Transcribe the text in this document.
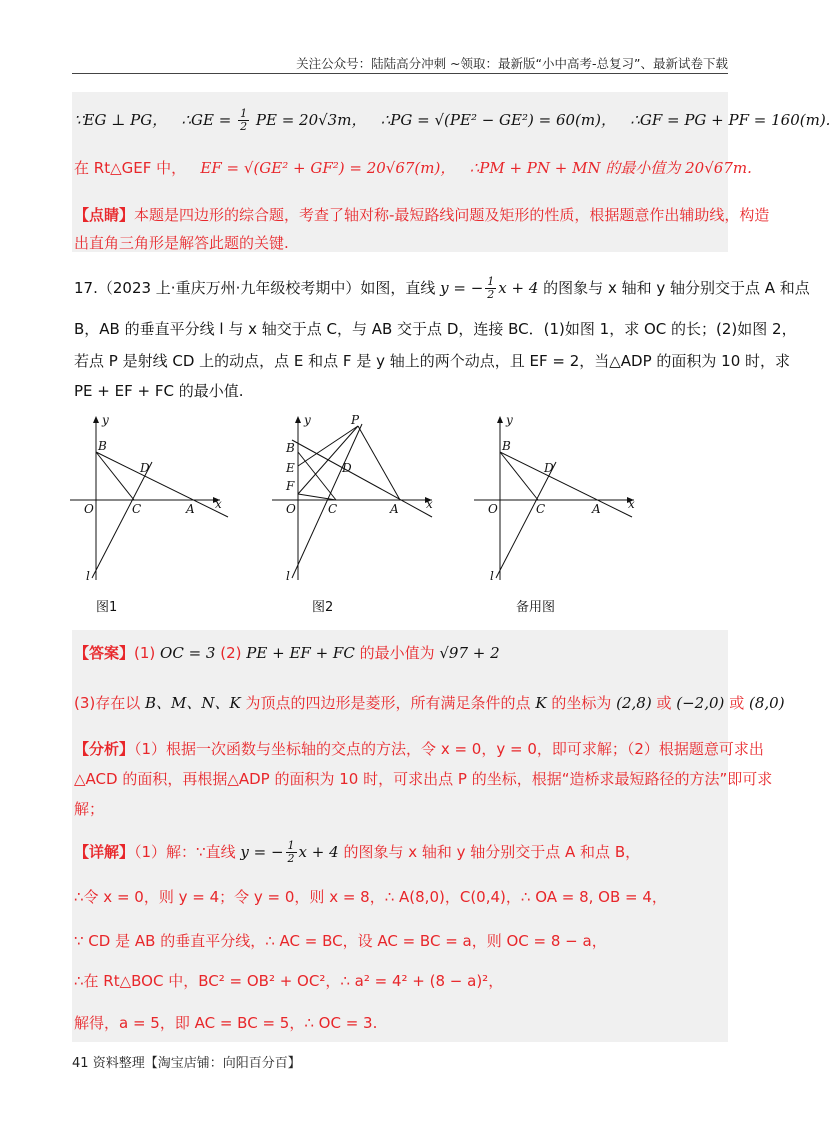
关注公众号：陆陆高分冲刺 ~领取：最新版“小中高考-总复习”、最新试卷下载
∵EG ⊥ PG， ∴GE = $\frac{1}{2}$ PE = 20√3m， ∴PG = √(PE² − GE²) = 60(m)， ∴GF = PG + PF = 160(m).
在 Rt△GEF 中， EF = √(GE² + GF²) = 20√67(m)， ∴PM + PN + MN 的最小值为 20√67m.
【点睛】本题是四边形的综合题，考查了轴对称-最短路线问题及矩形的性质，根据题意作出辅助线，构造
出直角三角形是解答此题的关键.
17.（2023 上·重庆万州·九年级校考期中）如图，直线 y = − $\frac{1}{2}$ x + 4 的图象与 x 轴和 y 轴分别交于点 A 和点
B，AB 的垂直平分线 l 与 x 轴交于点 C，与 AB 交于点 D，连接 BC．(1)如图 1，求 OC 的长；(2)如图 2，
若点 P 是射线 CD 上的动点，点 E 和点 F 是 y 轴上的两个动点，且 EF = 2，当△ADP 的面积为 10 时，求
PE + EF + FC 的最小值.
y
x
O
B
C
D
A
l
y
x
O
B
E
F
P
D
C	A
l
y
x
O
B
C
D
A
l
图1	图2	备用图
【答案】(1) OC = 3 (2) PE + EF + FC 的最小值为 √97 + 2
(3)存在以 B、M、N、K 为顶点的四边形是菱形，所有满足条件的点 K 的坐标为 (2,8) 或 (−2,0) 或 (8,0)
【分析】（1）根据一次函数与坐标轴的交点的方法，令 x = 0，y = 0，即可求解；（2）根据题意可求出
△ACD 的面积，再根据△ADP 的面积为 10 时，可求出点 P 的坐标，根据“造桥求最短路径的方法”即可求
解；
【详解】（1）解：∵直线 y = − $\frac{1}{2}$ x + 4 的图象与 x 轴和 y 轴分别交于点 A 和点 B，
∴令 x = 0，则 y = 4；令 y = 0，则 x = 8，∴ A(8,0)，C(0,4)，∴ OA = 8, OB = 4，
∵ CD 是 AB 的垂直平分线，∴ AC = BC，设 AC = BC = a，则 OC = 8 − a，
∴在 Rt△BOC 中，BC² = OB² + OC²，∴ a² = 4² + (8 − a)²，
解得，a = 5，即 AC = BC = 5，∴ OC = 3.
41 资料整理【淘宝店铺：向阳百分百】
